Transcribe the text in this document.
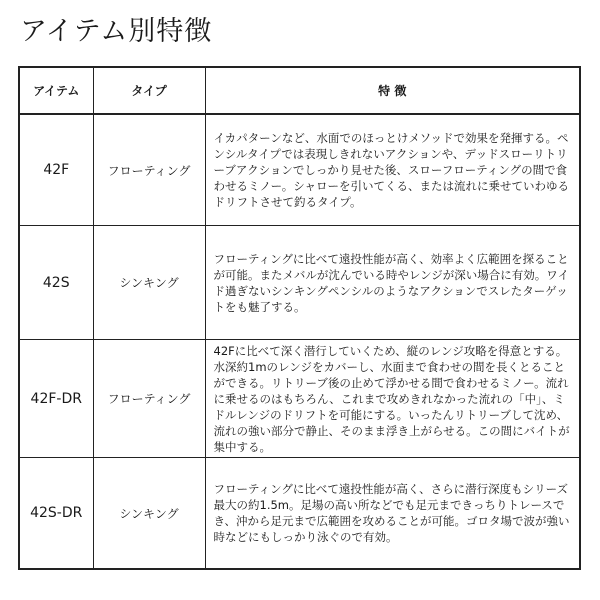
アイテム別特徴
アイテム	タイプ	特 徴
42F	フローティング	イカパターンなど、水面でのほっとけメソッドで効果を発揮する。ペンシルタイプでは表現しきれないアクションや、デッドスローリトリーブアクションでしっかり見せた後、スローフローティングの間で食わせるミノー。シャローを引いてくる、または流れに乗せていわゆるドリフトさせて釣るタイプ。

42S	シンキング	フローティングに比べて遠投性能が高く、効率よく広範囲を探ることが可能。またメバルが沈んでいる時やレンジが深い場合に有効。ワイド過ぎないシンキングペンシルのようなアクションでスレたターゲットをも魅了する。

42F-DR	フローティング	42Fに比べて深く潜行していくため、縦のレンジ攻略を得意とする。水深約1mのレンジをカバーし、水面まで食わせの間を長くとることができる。リトリーブ後の止めて浮かせる間で食わせるミノー。流れに乗せるのはもちろん、これまで攻めきれなかった流れの「中」、ミドルレンジのドリフトを可能にする。いったんリトリーブして沈め、流れの強い部分で静止、そのまま浮き上がらせる。この間にバイトが集中する。

42S-DR	シンキング	フローティングに比べて遠投性能が高く、さらに潜行深度もシリーズ最大の約1.5m。足場の高い所などでも足元まできっちりトレースでき、沖から足元まで広範囲を攻めることが可能。ゴロタ場で波が強い時などにもしっかり泳ぐので有効。
